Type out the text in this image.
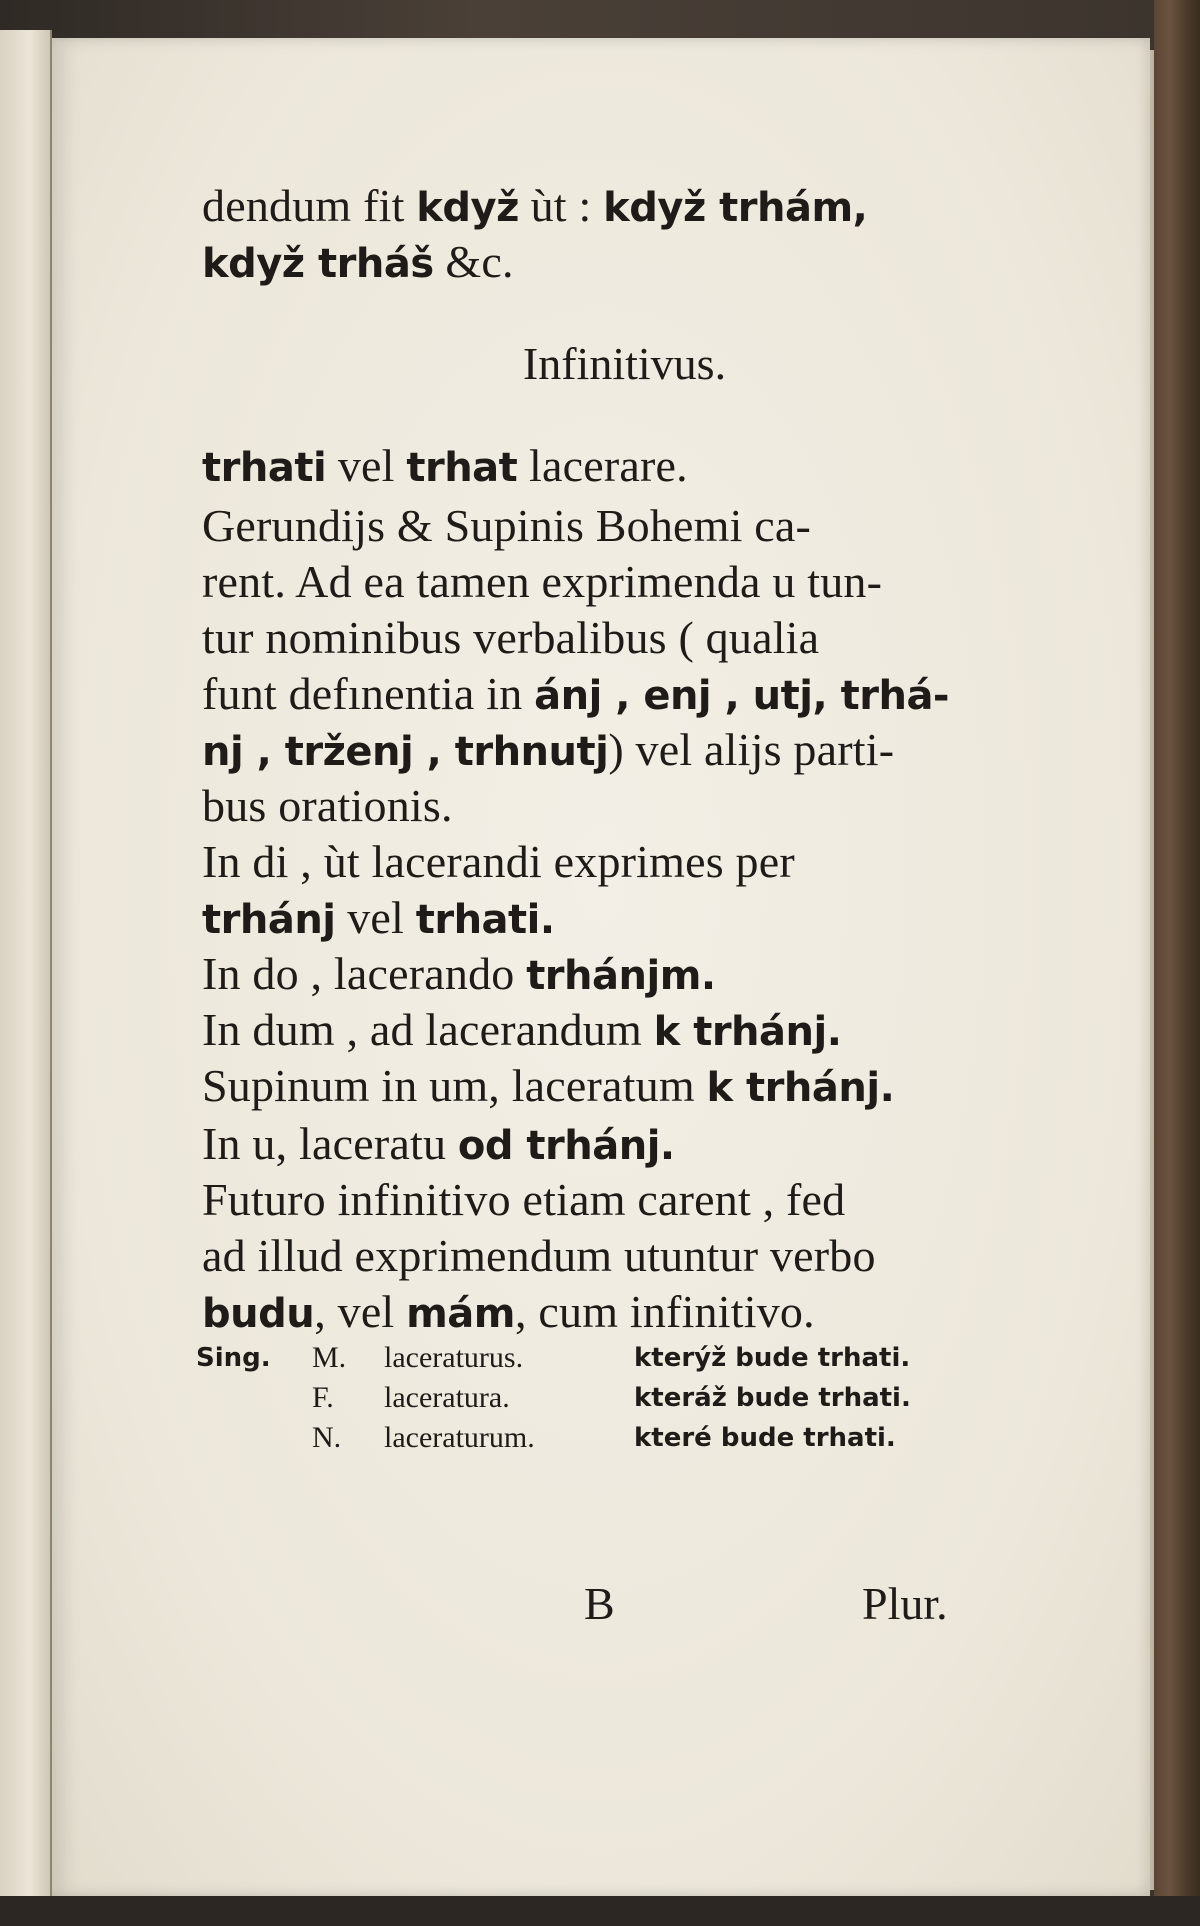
dendum fit když ùt : když trhám,
když trháš &c.
Infinitivus.
trhati vel trhat lacerare.
Gerundijs & Supinis Bohemi ca-
rent. Ad ea tamen exprimenda u tun-
tur nominibus verbalibus ( qualia
funt defınentia in ánj , enj , utj, trhá-
nj , trženj , trhnutj) vel alijs parti-
bus orationis.
In di , ùt lacerandi exprimes per
trhánj vel trhati.
In do , lacerando trhánjm.
In dum , ad lacerandum k trhánj.
Supinum in um, laceratum k trhánj.
In u, laceratu od trhánj.
Futuro infinitivo etiam carent , fed
ad illud exprimendum utuntur verbo
budu, vel mám, cum infinitivo.
Sing. M. laceraturus.	kterýž bude trhati.
F. laceratura.	kteráž bude trhati.
N. laceraturum.	které bude trhati.
B	Plur.
